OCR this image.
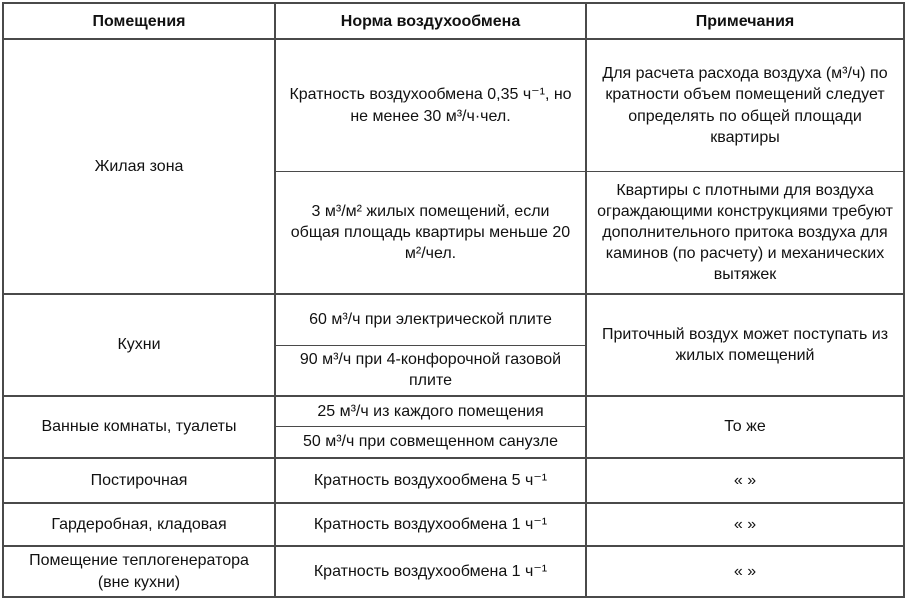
Помещения	Норма воздухообмена	Примечания
Жилая зона	Кратность воздухообмена 0,35 ч⁻¹, но не менее 30 м³/ч·чел.	Для расчета расхода воздуха (м³/ч) по кратности объем помещений следует определять по общей площади квартиры
	3 м³/м² жилых помещений, если общая площадь квартиры меньше 20 м²/чел.	Квартиры с плотными для воздуха ограждающими конструкциями требуют дополнительного притока воздуха для каминов (по расчету) и механических вытяжек
Кухни	60 м³/ч при электрической плите	Приточный воздух может поступать из жилых помещений
	90 м³/ч при 4-конфорочной газовой плите	
Ванные комнаты, туалеты	25 м³/ч из каждого помещения	То же
	50 м³/ч при совмещенном санузле	
Постирочная	Кратность воздухообмена 5 ч⁻¹	« »
Гардеробная, кладовая	Кратность воздухообмена 1 ч⁻¹	« »
Помещение теплогенератора (вне кухни)	Кратность воздухообмена 1 ч⁻¹	« »
